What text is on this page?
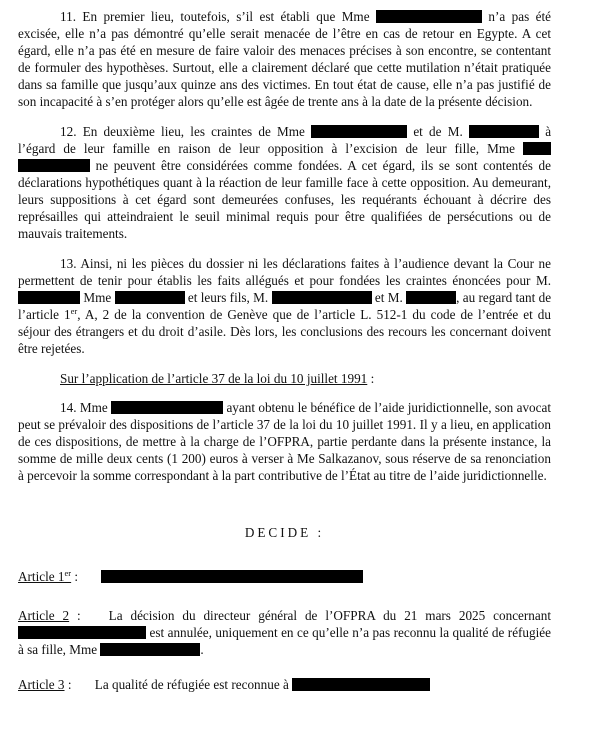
11. En premier lieu, toutefois, s’il est établi que Mme	n’a pas été excisée, elle n’a pas démontré qu’elle serait menacée de l’être en cas de retour en Egypte. A cet égard, elle n’a pas été en mesure de faire valoir des menaces précises à son encontre, se contentant de formuler des hypothèses. Surtout, elle a clairement déclaré que cette mutilation n’était pratiquée dans sa famille que jusqu’aux quinze ans des victimes. En tout état de cause, elle n’a pas justifié de son incapacité à s’en protéger alors qu’elle est âgée de trente ans à la date de la présente décision.

12. En deuxième lieu, les craintes de Mme	et de M.	à l’égard de leur famille en raison de leur opposition à l’excision de leur fille, Mme   ne peuvent être considérées comme fondées. A cet égard, ils se sont contentés de déclarations hypothétiques quant à la réaction de leur famille face à cette opposition. Au demeurant, leurs suppositions à cet égard sont demeurées confuses, les requérants échouant à décrire des représailles qui atteindraient le seuil minimal requis pour être qualifiées de persécutions ou de mauvais traitements.

13. Ainsi, ni les pièces du dossier ni les déclarations faites à l’audience devant la Cour ne permettent de tenir pour établis les faits allégués et pour fondées les craintes énoncées pour M.  Mme	et leurs fils, M.	et M.	, au regard tant de l’article 1er, A, 2 de la convention de Genève que de l’article L. 512-1 du code de l’entrée et du séjour des étrangers et du droit d’asile. Dès lors, les conclusions des recours les concernant doivent être rejetées.

Sur l’application de l’article 37 de la loi du 10 juillet 1991 :

14. Mme	ayant obtenu le bénéfice de l’aide juridictionnelle, son avocat peut se prévaloir des dispositions de l’article 37 de la loi du 10 juillet 1991. Il y a lieu, en application de ces dispositions, de mettre à la charge de l’OFPRA, partie perdante dans la présente instance, la somme de mille deux cents (1 200) euros à verser à Me Salkazanov, sous réserve de sa renonciation à percevoir la somme correspondant à la part contributive de l’État au titre de l’aide juridictionnelle.

DECIDE :

Article 1er :

Article 2 : La décision du directeur général de l’OFPRA du 21 mars 2025 concernant  est annulée, uniquement en ce qu’elle n’a pas reconnu la qualité de réfugiée à sa fille, Mme	.

Article 3 : La qualité de réfugiée est reconnue à
